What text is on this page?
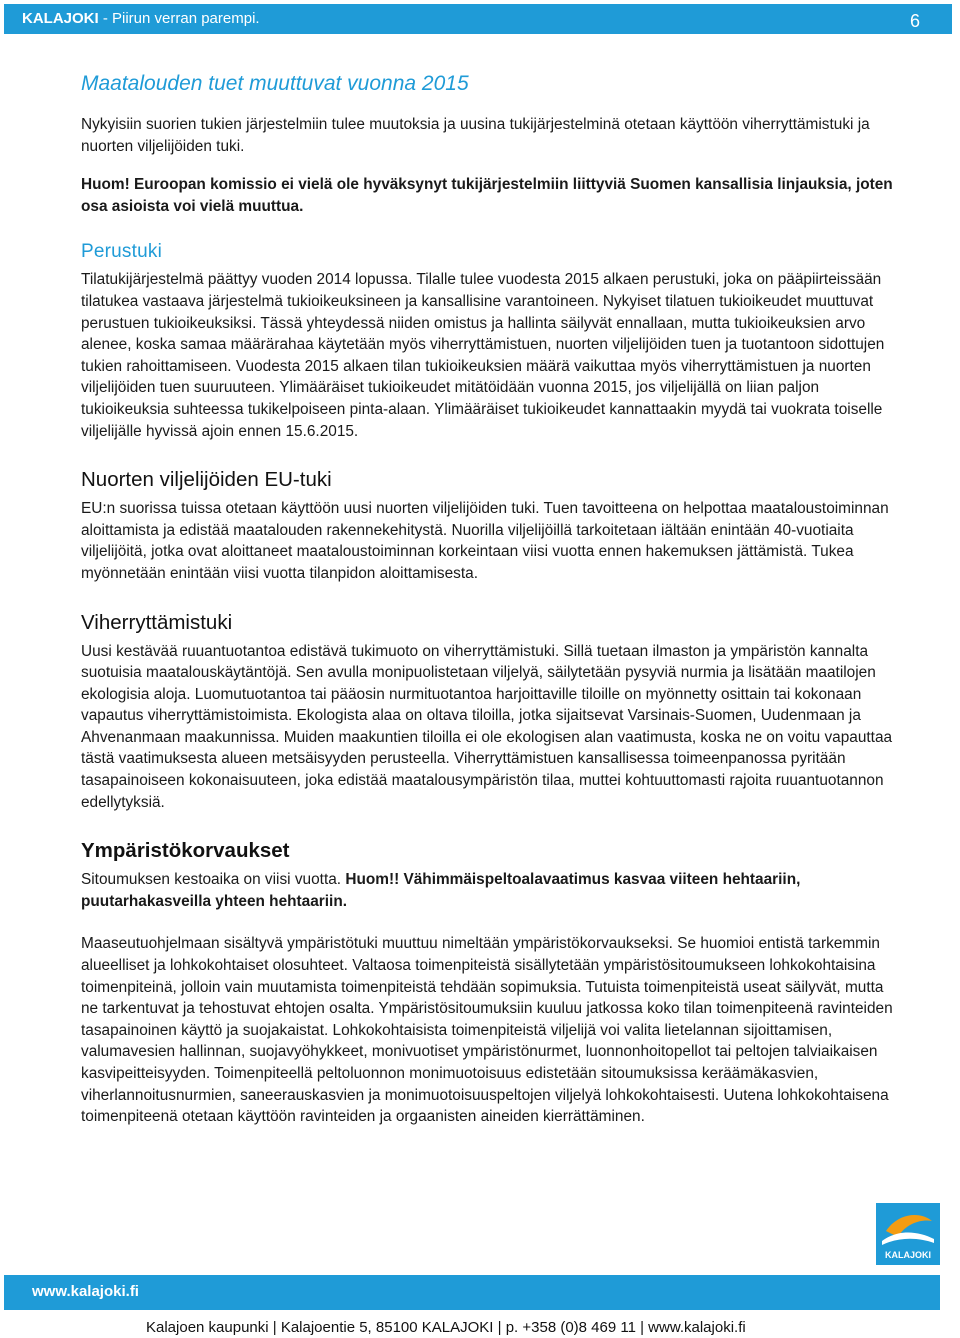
KALAJOKI - Piirun verran parempi.	6
Maatalouden tuet muuttuvat vuonna 2015

Nykyisiin suorien tukien järjestelmiin tulee muutoksia ja uusina tukijärjestelminä otetaan käyttöön viherryttämistuki ja nuorten viljelijöiden tuki.

Huom! Euroopan komissio ei vielä ole hyväksynyt tukijärjestelmiin liittyviä Suomen kansallisia linjauksia, joten osa asioista voi vielä muuttua.

Perustuki

Tilatukijärjestelmä päättyy vuoden 2014 lopussa. Tilalle tulee vuodesta 2015 alkaen perustuki, joka on pääpiirteissään tilatukea vastaava järjestelmä tukioikeuksineen ja kansallisine varantoineen. Nykyiset tilatuen tukioikeudet muuttuvat perustuen tukioikeuksiksi. Tässä yhteydessä niiden omistus ja hallinta säilyvät ennallaan, mutta tukioikeuksien arvo alenee, koska samaa määrärahaa käytetään myös viherryttämistuen, nuorten viljelijöiden tuen ja tuotantoon sidottujen tukien rahoittamiseen. Vuodesta 2015 alkaen tilan tukioikeuksien määrä vaikuttaa myös viherryttämistuen ja nuorten viljelijöiden tuen suuruuteen. Ylimääräiset tukioikeudet mitätöidään vuonna 2015, jos viljelijällä on liian paljon tukioikeuksia suhteessa tukikelpoiseen pinta-alaan. Ylimääräiset tukioikeudet kannattaakin myydä tai vuokrata toiselle viljelijälle hyvissä ajoin ennen 15.6.2015.

Nuorten viljelijöiden EU-tuki

EU:n suorissa tuissa otetaan käyttöön uusi nuorten viljelijöiden tuki. Tuen tavoitteena on helpottaa maataloustoiminnan aloittamista ja edistää maatalouden rakennekehitystä. Nuorilla viljelijöillä tarkoitetaan iältään enintään 40-vuotiaita viljelijöitä, jotka ovat aloittaneet maataloustoiminnan korkeintaan viisi vuotta ennen hakemuksen jättämistä. Tukea myönnetään enintään viisi vuotta tilanpidon aloittamisesta.

Viherryttämistuki

Uusi kestävää ruuantuotantoa edistävä tukimuoto on viherryttämistuki. Sillä tuetaan ilmaston ja ympäristön kannalta suotuisia maatalouskäytäntöjä. Sen avulla monipuolistetaan viljelyä, säilytetään pysyviä nurmia ja lisätään maatilojen ekologisia aloja. Luomutuotantoa tai pääosin nurmituotantoa harjoittaville tiloille on myönnetty osittain tai kokonaan vapautus viherryttämistoimista. Ekologista alaa on oltava tiloilla, jotka sijaitsevat Varsinais-Suomen, Uudenmaan ja Ahvenanmaan maakunnissa. Muiden maakuntien tiloilla ei ole ekologisen alan vaatimusta, koska ne on voitu vapauttaa tästä vaatimuksesta alueen metsäisyyden perusteella. Viherryttämistuen kansallisessa toimeenpanossa pyritään tasapainoiseen kokonaisuuteen, joka edistää maatalousympäristön tilaa, muttei kohtuuttomasti rajoita ruuantuotannon edellytyksiä.

Ympäristökorvaukset

Sitoumuksen kestoaika on viisi vuotta. Huom!! Vähimmäispeltoalavaatimus kasvaa viiteen hehtaariin, puutarhakasveilla yhteen hehtaariin.

Maaseutuohjelmaan sisältyvä ympäristötuki muuttuu nimeltään ympäristökorvaukseksi. Se huomioi entistä tarkemmin alueelliset ja lohkokohtaiset olosuhteet. Valtaosa toimenpiteistä sisällytetään ympäristösitoumukseen lohkokohtaisina toimenpiteinä, jolloin vain muutamista toimenpiteistä tehdään sopimuksia. Tutuista toimenpiteistä useat säilyvät, mutta ne tarkentuvat ja tehostuvat ehtojen osalta. Ympäristösitoumuksiin kuuluu jatkossa koko tilan toimenpiteenä ravinteiden tasapainoinen käyttö ja suojakaistat. Lohkokohtaisista toimenpiteistä viljelijä voi valita lietelannan sijoittamisen, valumavesien hallinnan, suojavyöhykkeet, monivuotiset ympäristönurmet, luonnonhoitopellot tai peltojen talviaikaisen kasvipeitteisyyden. Toimenpiteellä peltoluonnon monimuotoisuus edistetään sitoumuksissa keräämäkasvien, viherlannoitusnurmien, saneerauskasvien ja monimuotoisuuspeltojen viljelyä lohkokohtaisesti. Uutena lohkokohtaisena toimenpiteenä otetaan käyttöön ravinteiden ja orgaanisten aineiden kierrättäminen.

KALAJOKI
www.kalajoki.fi
Kalajoen kaupunki | Kalajoentie 5, 85100 KALAJOKI | p. +358 (0)8 469 11 | www.kalajoki.fi
